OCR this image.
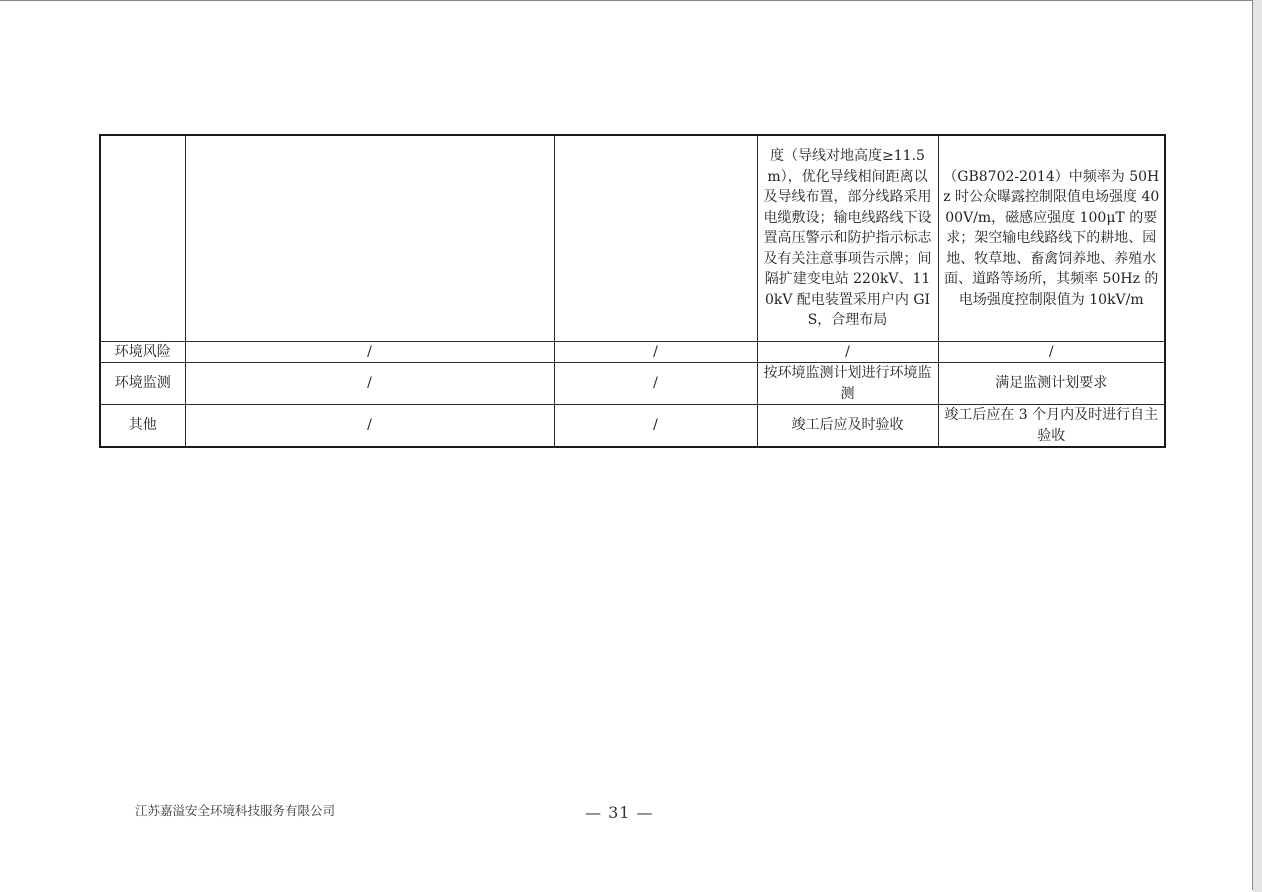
			度（导线对地高度≥11.5m），优化导线相间距离以及导线布置，部分线路采用电缆敷设；输电线路线下设置高压警示和防护指示标志及有关注意事项告示牌；间隔扩建变电站 220kV、110kV 配电装置采用户内 GIS，合理布局	（GB8702-2014）中频率为 50Hz 时公众曝露控制限值电场强度 4000V/m，磁感应强度 100μT 的要求；架空输电线路线下的耕地、园地、牧草地、畜禽饲养地、养殖水面、道路等场所，其频率 50Hz 的电场强度控制限值为 10kV/m
环境风险	/	/	/	/
环境监测	/	/	按环境监测计划进行环境监测	满足监测计划要求
其他	/	/	竣工后应及时验收	竣工后应在 3 个月内及时进行自主验收
江苏嘉溢安全环境科技服务有限公司	— 31 —
